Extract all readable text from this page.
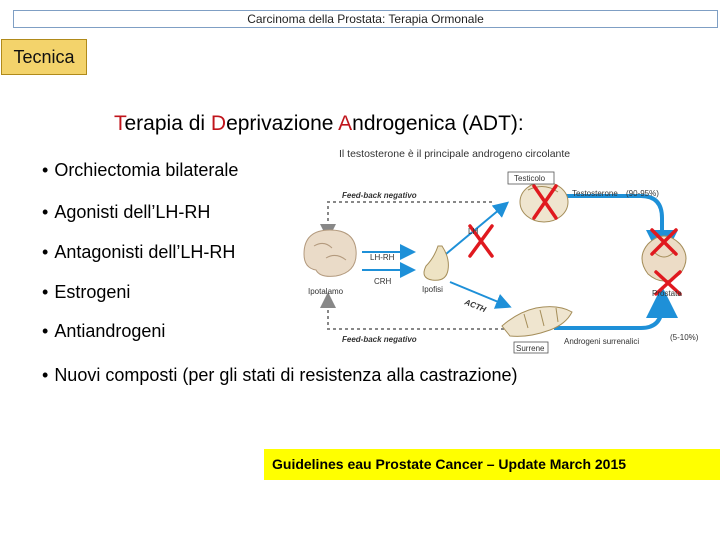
Carcinoma della Prostata: Terapia Ormonale
Tecnica
Terapia di Deprivazione Androgenica (ADT):
• Orchiectomia bilaterale
• Agonisti dell’LH-RH
• Antagonisti dell’LH-RH
• Estrogeni
• Antiandrogeni
• Nuovi composti (per gli stati di resistenza alla castrazione)
Il testosterone è il principale androgeno circolante
Testicolo
Feed-back negativo
Feed-back negativo
Testosterone (90-95%)
LH-RH
CRH
LH
Ipofisi
Ipotalamo
ACTH
Prostata
Surrene
Androgeni surrenalici	(5-10%)
Guidelines eau Prostate Cancer – Update March 2015
